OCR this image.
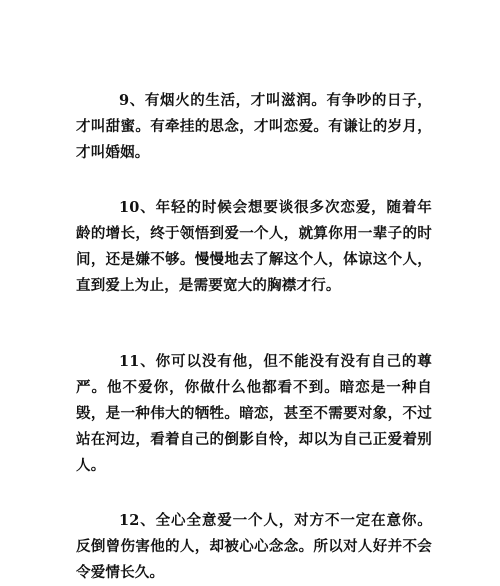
9、有烟火的生活，才叫滋润。有争吵的日子，才叫甜蜜。有牵挂的思念，才叫恋爱。有谦让的岁月，才叫婚姻。

10、年轻的时候会想要谈很多次恋爱，随着年龄的增长，终于领悟到爱一个人，就算你用一辈子的时间，还是嫌不够。慢慢地去了解这个人，体谅这个人，直到爱上为止，是需要宽大的胸襟才行。

11、你可以没有他，但不能没有没有自己的尊严。他不爱你，你做什么他都看不到。暗恋是一种自毁，是一种伟大的牺牲。暗恋，甚至不需要对象，不过站在河边，看着自己的倒影自怜，却以为自己正爱着别人。

12、全心全意爱一个人，对方不一定在意你。反倒曾伤害他的人，却被心心念念。所以对人好并不会令爱情长久。
